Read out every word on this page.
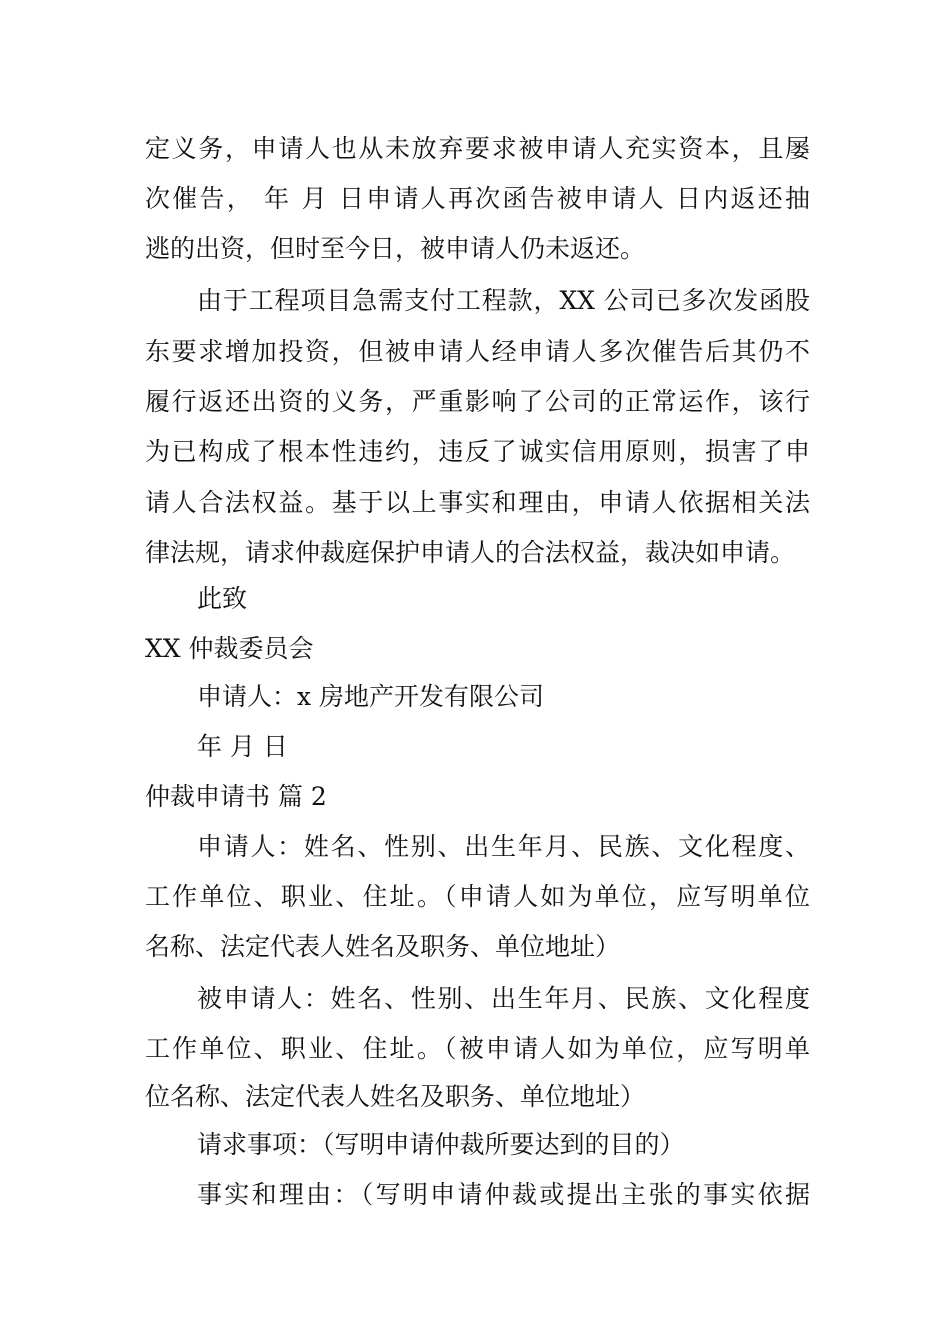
定义务，申请人也从未放弃要求被申请人充实资本，且屡
次催告， 年 月 日申请人再次函告被申请人 日内返还抽
逃的出资，但时至今日，被申请人仍未返还。
由于工程项目急需支付工程款，XX 公司已多次发函股
东要求增加投资，但被申请人经申请人多次催告后其仍不
履行返还出资的义务，严重影响了公司的正常运作，该行
为已构成了根本性违约，违反了诚实信用原则，损害了申
请人合法权益。基于以上事实和理由，申请人依据相关法
律法规，请求仲裁庭保护申请人的合法权益，裁决如申请。
此致
XX 仲裁委员会
申请人：x 房地产开发有限公司
年 月 日
仲裁申请书 篇 2
申请人：姓名、性别、出生年月、民族、文化程度、
工作单位、职业、住址。（申请人如为单位，应写明单位
名称、法定代表人姓名及职务、单位地址）
被申请人：姓名、性别、出生年月、民族、文化程度
工作单位、职业、住址。（被申请人如为单位，应写明单
位名称、法定代表人姓名及职务、单位地址）
请求事项：（写明申请仲裁所要达到的目的）
事实和理由：（写明申请仲裁或提出主张的事实依据
